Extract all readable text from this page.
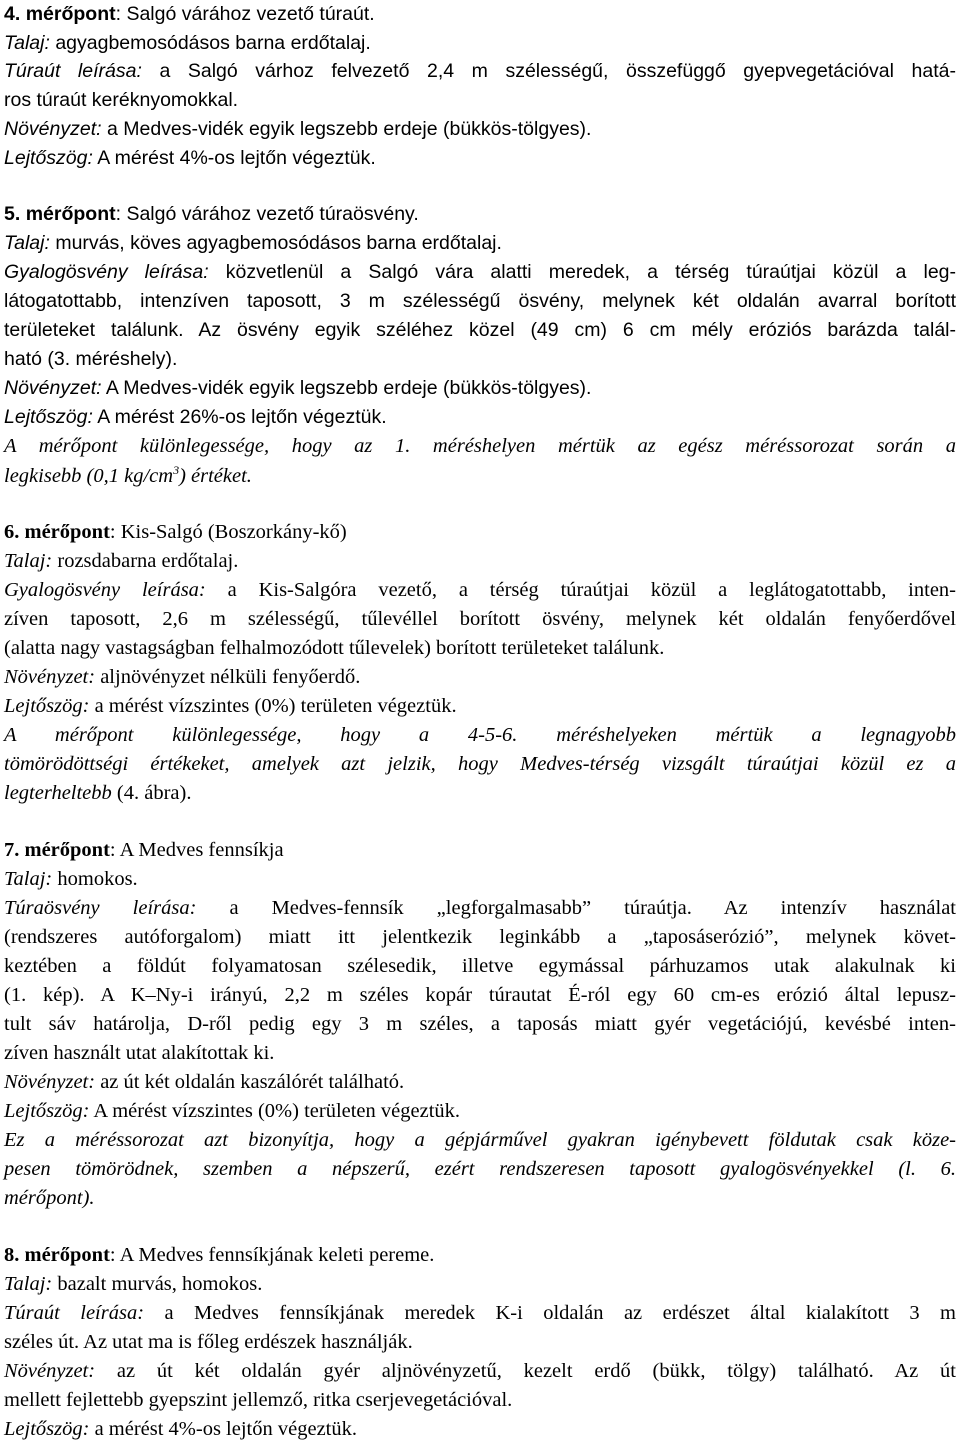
4. mérőpont: Salgó várához vezető túraút.
Talaj: agyagbemosódásos barna erdőtalaj.
Túraút leírása: a Salgó várhoz felvezető 2,4 m szélességű, összefüggő gyepvegetációval hatá-
ros túraút keréknyomokkal.
Növényzet: a Medves-vidék egyik legszebb erdeje (bükkös-tölgyes).
Lejtőszög: A mérést 4%-os lejtőn végeztük.
5. mérőpont: Salgó várához vezető túraösvény.
Talaj: murvás, köves agyagbemosódásos barna erdőtalaj.
Gyalogösvény leírása: közvetlenül a Salgó vára alatti meredek, a térség túraútjai közül a leg-
látogatottabb, intenzíven taposott, 3 m szélességű ösvény, melynek két oldalán avarral borított
területeket találunk. Az ösvény egyik széléhez közel (49 cm) 6 cm mély eróziós barázda talál-
ható (3. méréshely).
Növényzet: A Medves-vidék egyik legszebb erdeje (bükkös-tölgyes).
Lejtőszög: A mérést 26%-os lejtőn végeztük.
A mérőpont különlegessége, hogy az 1. méréshelyen mértük az egész méréssorozat során a
legkisebb (0,1 $kg/cm^3$) értéket.
6. mérőpont: Kis-Salgó (Boszorkány-kő)
Talaj: rozsdabarna erdőtalaj.
Gyalogösvény leírása: a Kis-Salgóra vezető, a térség túraútjai közül a leglátogatottabb, inten-
zíven taposott, 2,6 m szélességű, tűlevéllel borított ösvény, melynek két oldalán fenyőerdővel
(alatta nagy vastagságban felhalmozódott tűlevelek) borított területeket találunk.
Növényzet: aljnövényzet nélküli fenyőerdő.
Lejtőszög: a mérést vízszintes (0%) területen végeztük.
A mérőpont különlegessége, hogy a 4-5-6. méréshelyeken mértük a legnagyobb
tömörödöttségi értékeket, amelyek azt jelzik, hogy Medves-térség vizsgált túraútjai közül ez a
legterheltebb (4. ábra).
7. mérőpont: A Medves fennsíkja
Talaj: homokos.
Túraösvény leírása: a Medves-fennsík „legforgalmasabb” túraútja. Az intenzív használat
(rendszeres autóforgalom) miatt itt jelentkezik leginkább a „taposáserózió”, melynek követ-
keztében a földút folyamatosan szélesedik, illetve egymással párhuzamos utak alakulnak ki
(1. kép). A K–Ny-i irányú, 2,2 m széles kopár túrautat É-ról egy 60 cm-es erózió által lepusz-
tult sáv határolja, D-ről pedig egy 3 m széles, a taposás miatt gyér vegetációjú, kevésbé inten-
zíven használt utat alakítottak ki.
Növényzet: az út két oldalán kaszálórét található.
Lejtőszög: A mérést vízszintes (0%) területen végeztük.
Ez a méréssorozat azt bizonyítja, hogy a gépjárművel gyakran igénybevett földutak csak köze-
pesen tömörödnek, szemben a népszerű, ezért rendszeresen taposott gyalogösvényekkel (l. 6.
mérőpont).
8. mérőpont: A Medves fennsíkjának keleti pereme.
Talaj: bazalt murvás, homokos.
Túraút leírása: a Medves fennsíkjának meredek K-i oldalán az erdészet által kialakított 3 m
széles út. Az utat ma is főleg erdészek használják.
Növényzet: az út két oldalán gyér aljnövényzetű, kezelt erdő (bükk, tölgy) található. Az út
mellett fejlettebb gyepszint jellemző, ritka cserjevegetációval.
Lejtőszög: a mérést 4%-os lejtőn végeztük.
